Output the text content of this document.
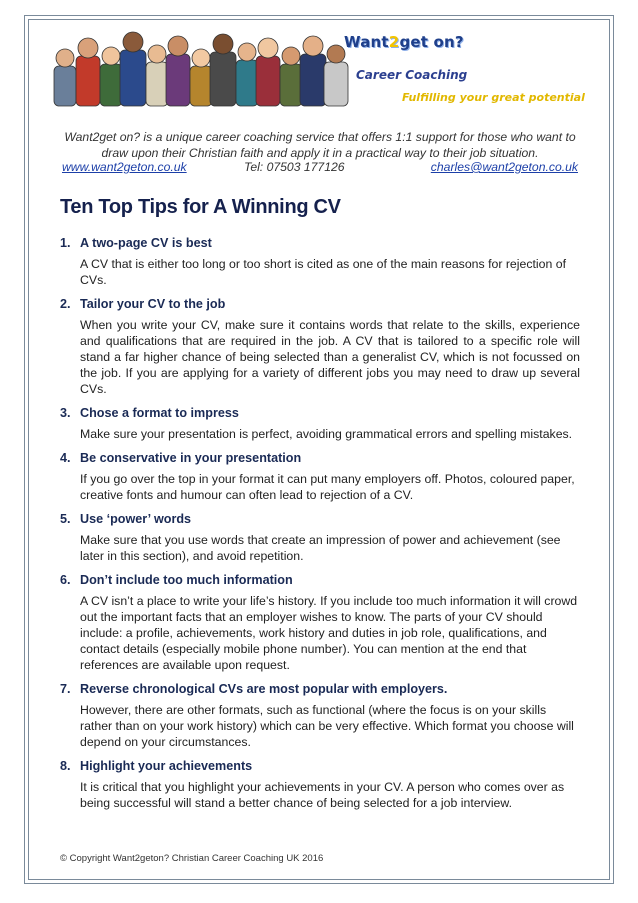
Want2get on?
Career Coaching
Fulfilling your great potential
Want2get on? is a unique career coaching service that offers 1:1 support for those who want to draw upon their Christian faith and apply it in a practical way to their job situation.
www.want2geton.co.uk	Tel: 07503 177126	charles@want2geton.co.uk
Ten Top Tips for A Winning CV
1. A two-page CV is best
A CV that is either too long or too short is cited as one of the main reasons for rejection of CVs.
2. Tailor your CV to the job
When you write your CV, make sure it contains words that relate to the skills, experience and qualifications that are required in the job. A CV that is tailored to a specific role will stand a far higher chance of being selected than a generalist CV, which is not focussed on the job. If you are applying for a variety of different jobs you may need to draw up several CVs.
3. Chose a format to impress
Make sure your presentation is perfect, avoiding grammatical errors and spelling mistakes.
4. Be conservative in your presentation
If you go over the top in your format it can put many employers off. Photos, coloured paper, creative fonts and humour can often lead to rejection of a CV.
5. Use ‘power’ words
Make sure that you use words that create an impression of power and achievement (see later in this section), and avoid repetition.
6. Don’t include too much information
A CV isn’t a place to write your life’s history. If you include too much information it will crowd out the important facts that an employer wishes to know. The parts of your CV should include: a profile, achievements, work history and duties in job role, qualifications, and contact details (especially mobile phone number). You can mention at the end that references are available upon request.
7. Reverse chronological CVs are most popular with employers.
However, there are other formats, such as functional (where the focus is on your skills rather than on your work history) which can be very effective. Which format you choose will depend on your circumstances.
8. Highlight your achievements
It is critical that you highlight your achievements in your CV. A person who comes over as being successful will stand a better chance of being selected for a job interview.
© Copyright Want2geton? Christian Career Coaching UK 2016
